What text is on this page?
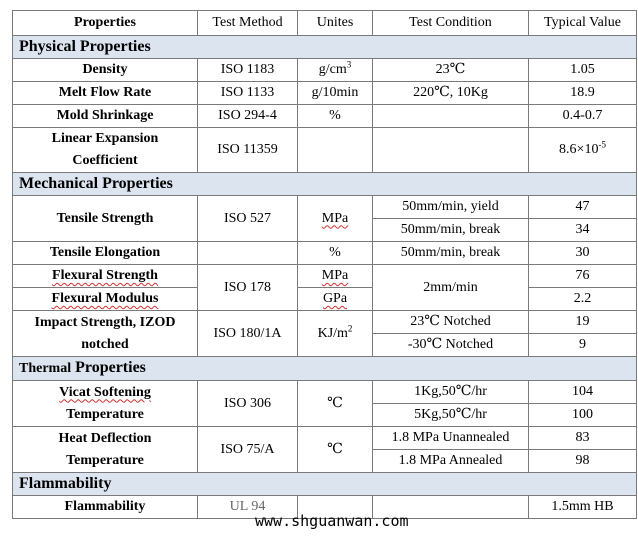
Properties	Test Method	Unites	Test Condition	Typical Value
Physical Properties				
Density	ISO 1183	$g/cm^3$	23℃	1.05
Melt Flow Rate	ISO 1133	g/10min	220℃, 10Kg	18.9
Mold Shrinkage	ISO 294-4	%		0.4-0.7

Linear Expansion
Coefficient	ISO 11359			$8.6\times 10^{-5}$
Mechanical Properties				
Tensile Strength	ISO 527	MPa	50mm/min, yield	47
			50mm/min, break	34
Tensile Elongation		%	50mm/min, break	30
Flexural Strength	ISO 178	MPa	2mm/min	76
Flexural Modulus		GPa		2.2

Impact Strength, IZOD
notched	ISO 180/1A	$KJ/m^2$	23℃ Notched	19
			-30℃ Notched	9
Thermal Properties				

Vicat Softening
Temperature	ISO 306	℃	1Kg,50℃/hr	104
			5Kg,50℃/hr	100

Heat Deflection
Temperature	ISO 75/A	℃	1.8 MPa Unannealed	83
			1.8 MPa Annealed	98
Flammability				
Flammability	UL 94			1.5mm HB
www.shguanwan.com
